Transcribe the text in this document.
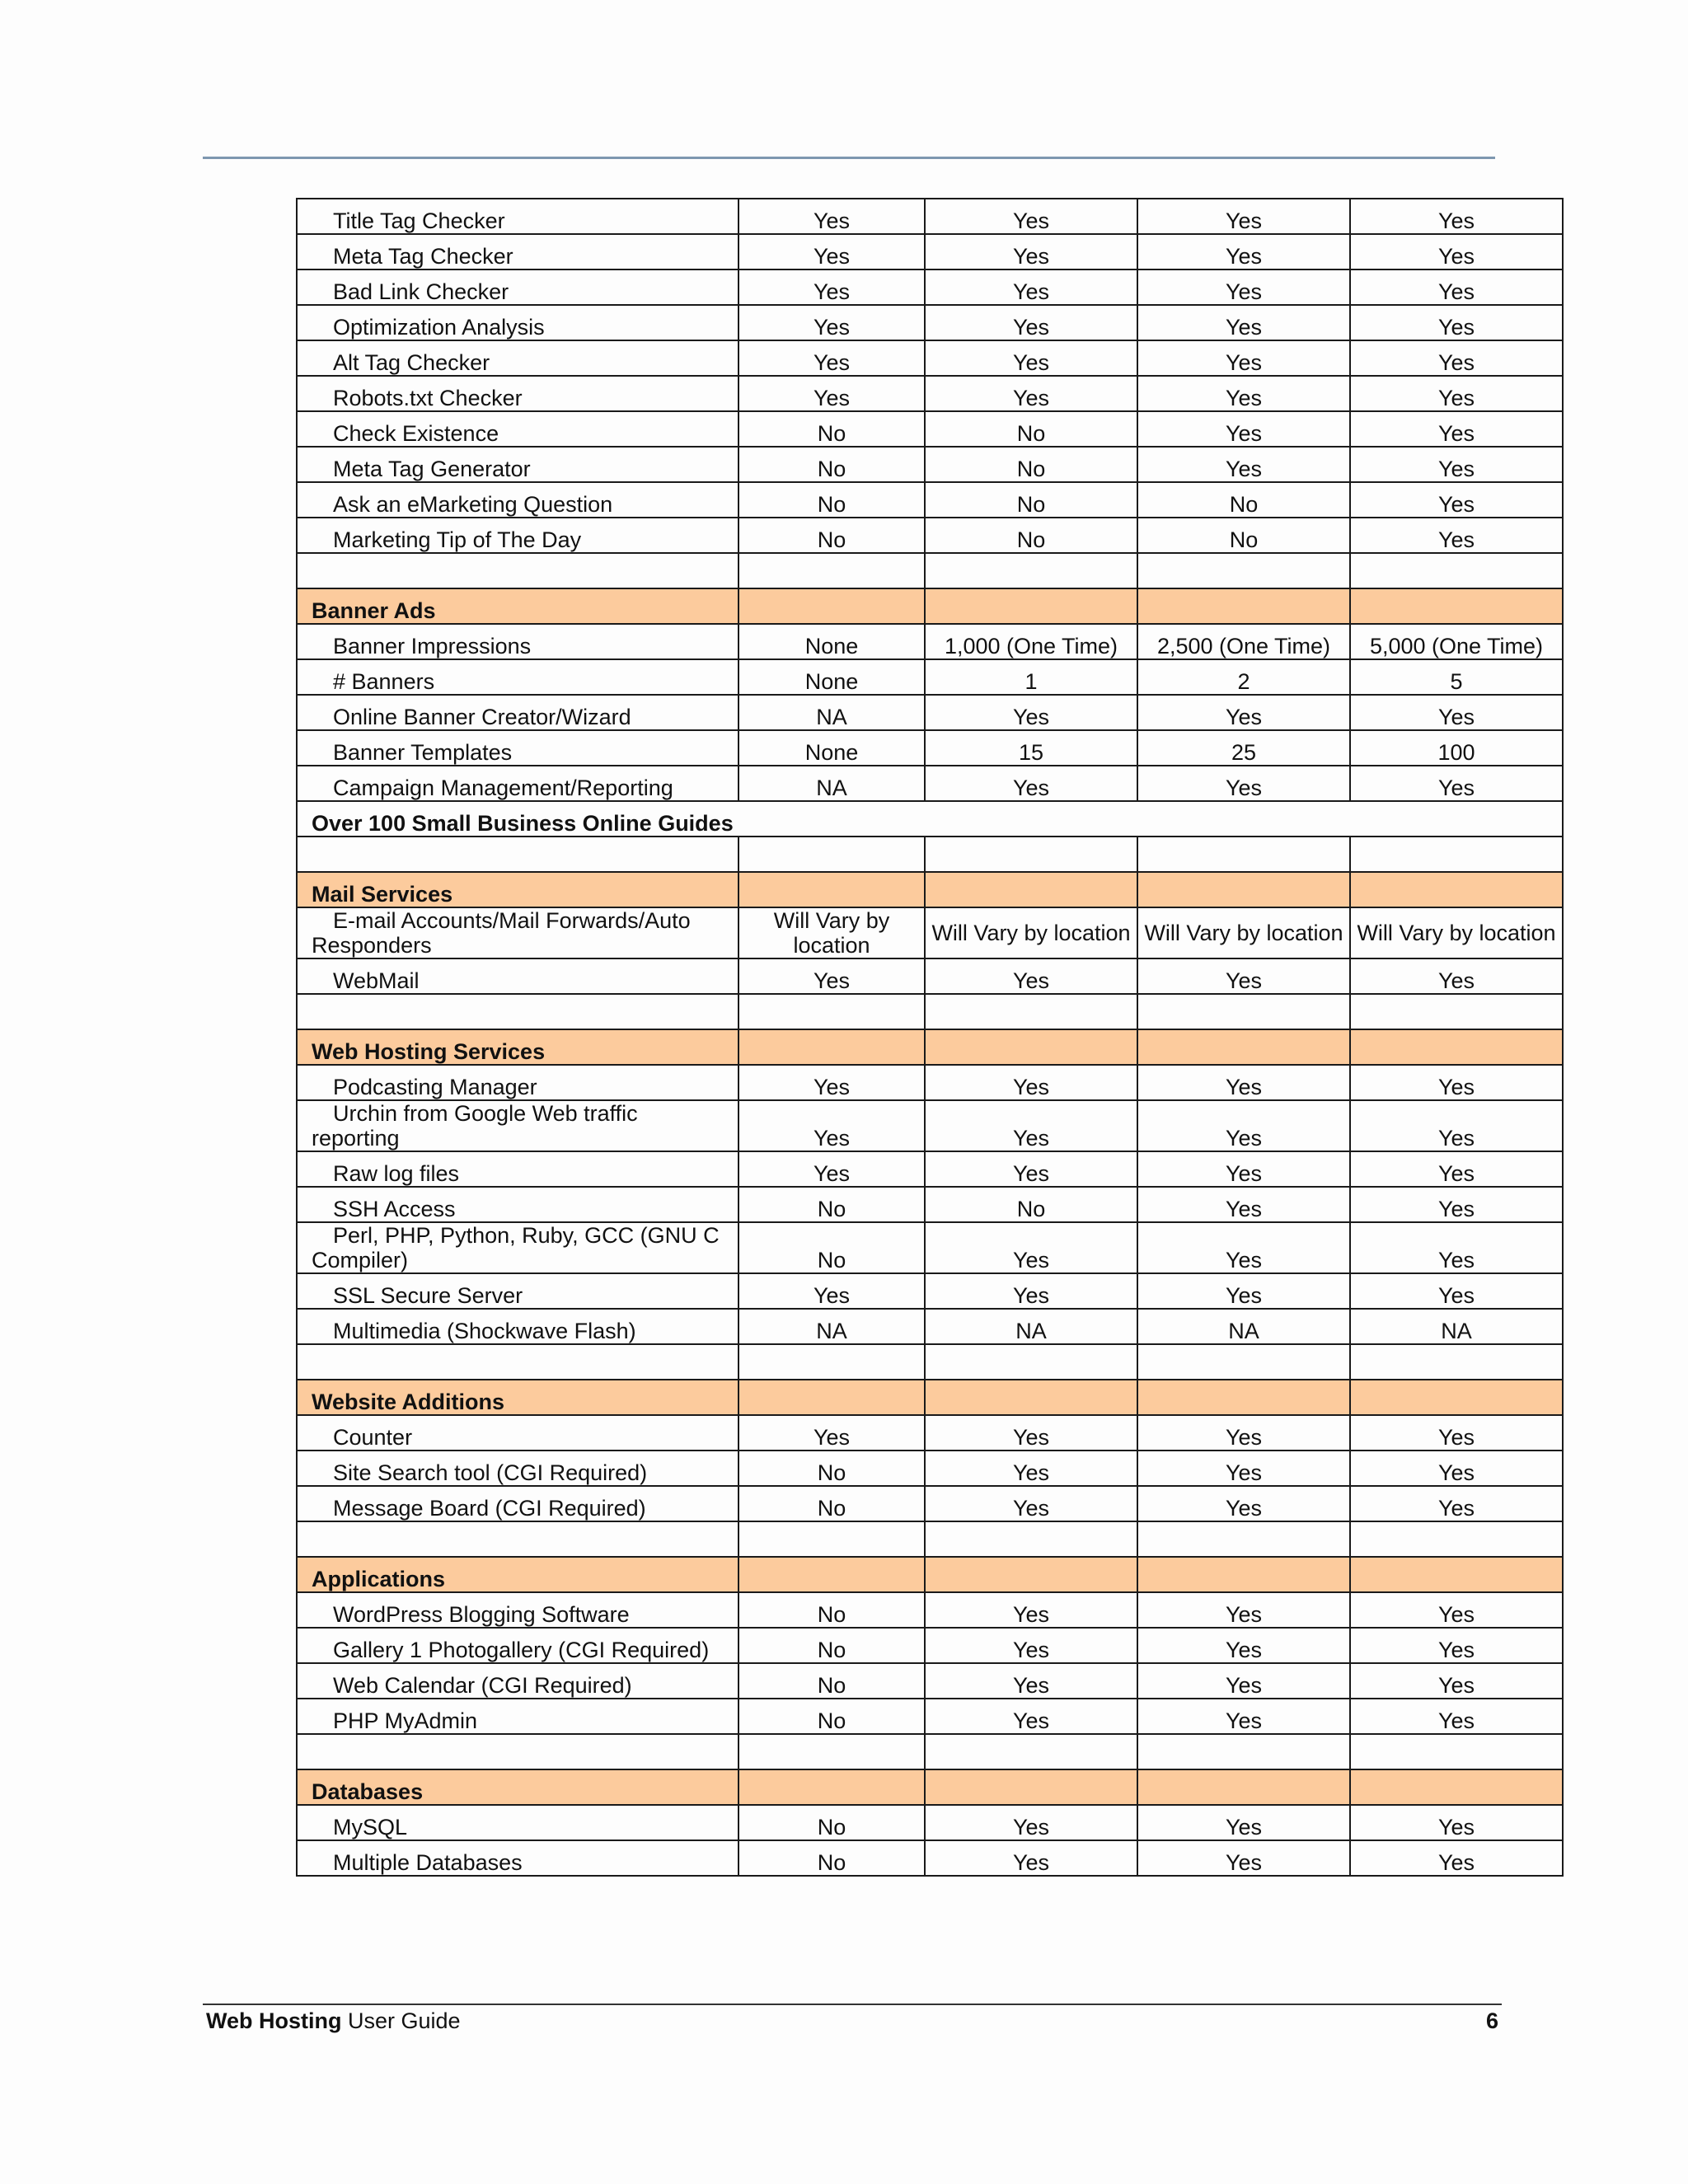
Title Tag Checker	Yes	Yes	Yes	Yes
Meta Tag Checker	Yes	Yes	Yes	Yes
Bad Link Checker	Yes	Yes	Yes	Yes
Optimization Analysis	Yes	Yes	Yes	Yes
Alt Tag Checker	Yes	Yes	Yes	Yes
Robots.txt Checker	Yes	Yes	Yes	Yes
Check Existence	No	No	Yes	Yes
Meta Tag Generator	No	No	Yes	Yes
Ask an eMarketing Question	No	No	No	Yes
Marketing Tip of The Day	No	No	No	Yes

Banner Ads				
Banner Impressions	None	1,000 (One Time)	2,500 (One Time)	5,000 (One Time)
# Banners	None	1	2	5
Online Banner Creator/Wizard	NA	Yes	Yes	Yes
Banner Templates	None	15	25	100
Campaign Management/Reporting	NA	Yes	Yes	Yes
Over 100 Small Business Online Guides				

Mail Services				
E-mail Accounts/Mail Forwards/Auto
Responders	Will Vary by location	Will Vary by location	Will Vary by location	Will Vary by location
WebMail	Yes	Yes	Yes	Yes

Web Hosting Services				
Podcasting Manager	Yes	Yes	Yes	Yes
Urchin from Google Web traffic
reporting	Yes	Yes	Yes	Yes
Raw log files	Yes	Yes	Yes	Yes
SSH Access	No	No	Yes	Yes
Perl, PHP, Python, Ruby, GCC (GNU C
Compiler)	No	Yes	Yes	Yes
SSL Secure Server	Yes	Yes	Yes	Yes
Multimedia (Shockwave Flash)	NA	NA	NA	NA

Website Additions				
Counter	Yes	Yes	Yes	Yes
Site Search tool (CGI Required)	No	Yes	Yes	Yes
Message Board (CGI Required)	No	Yes	Yes	Yes

Applications				
WordPress Blogging Software	No	Yes	Yes	Yes
Gallery 1 Photogallery (CGI Required)	No	Yes	Yes	Yes
Web Calendar (CGI Required)	No	Yes	Yes	Yes
PHP MyAdmin	No	Yes	Yes	Yes

Databases				
MySQL	No	Yes	Yes	Yes
Multiple Databases	No	Yes	Yes	Yes
Web Hosting User Guide	6
